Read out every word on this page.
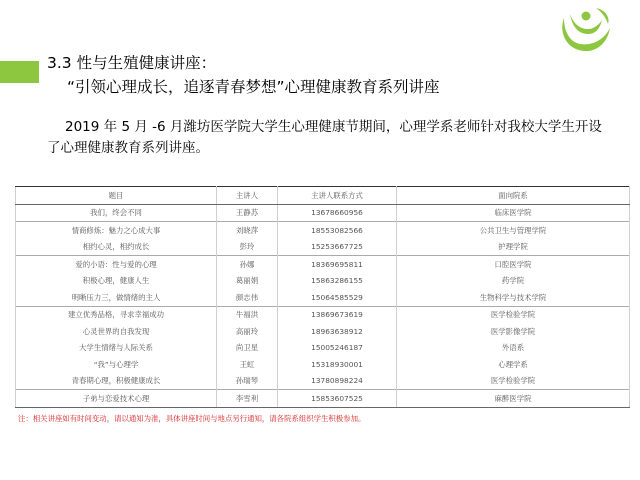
3.3 性与生殖健康讲座：
“引领心理成长，追逐青春梦想”心理健康教育系列讲座
2019 年 5 月 -6 月潍坊医学院大学生心理健康节期间，心理学系老师针对我校大学生开设了心理健康教育系列讲座。
题目	主讲人	主讲人联系方式	面向院系
我们，终会不同	王静苏	13678660956	临床医学院
情商修炼：魅力之心成大事	刘晓萍	18553082566	公共卫生与管理学院
相约心灵，相约成长	彭玲	15253667725	护理学院
爱的小语：性与爱的心理	孙娜	18369695811	口腔医学院
积极心理，健康人生	葛丽娟	15863286155	药学院
明晰压力三，做情绪的主人	颜志伟	15064585529	生物科学与技术学院
建立优秀品格，寻求幸福成功	牛福洪	13869673619	医学检验学院
心灵世界的自我发现	高丽玲	18963638912	医学影像学院
大学生情绪与人际关系	尚卫星	15005246187	外语系
“我”与心理学	王虹	15318930001	心理学系
青春期心理，积极健康成长	孙瑞琴	13780898224	医学检验学院
子弟与恋爱技术心理	李雪利	15853607525	麻醉医学院
注：相关讲座如有时间变动，请以通知为准，具体讲座时间与地点另行通知，请各院系组织学生积极参加。
